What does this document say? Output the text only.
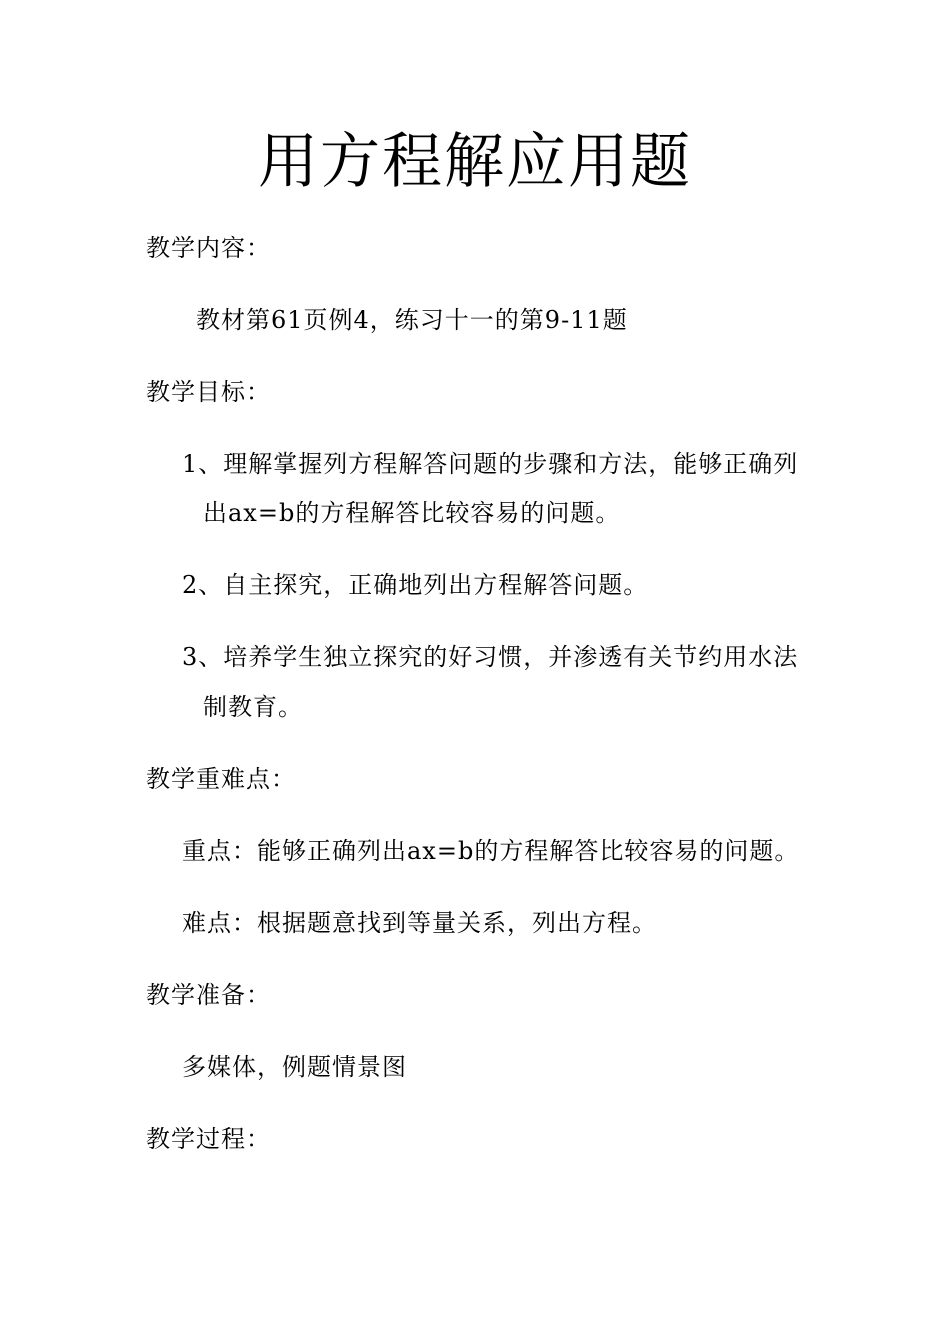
用方程解应用题
教学内容：
教材第61页例4，练习十一的第9-11题
教学目标：
1、理解掌握列方程解答问题的步骤和方法，能够正确列
出ax=b的方程解答比较容易的问题。
2、自主探究，正确地列出方程解答问题。
3、培养学生独立探究的好习惯，并渗透有关节约用水法
制教育。
教学重难点：
重点：能够正确列出ax=b的方程解答比较容易的问题。
难点：根据题意找到等量关系，列出方程。
教学准备：
多媒体，例题情景图
教学过程：
